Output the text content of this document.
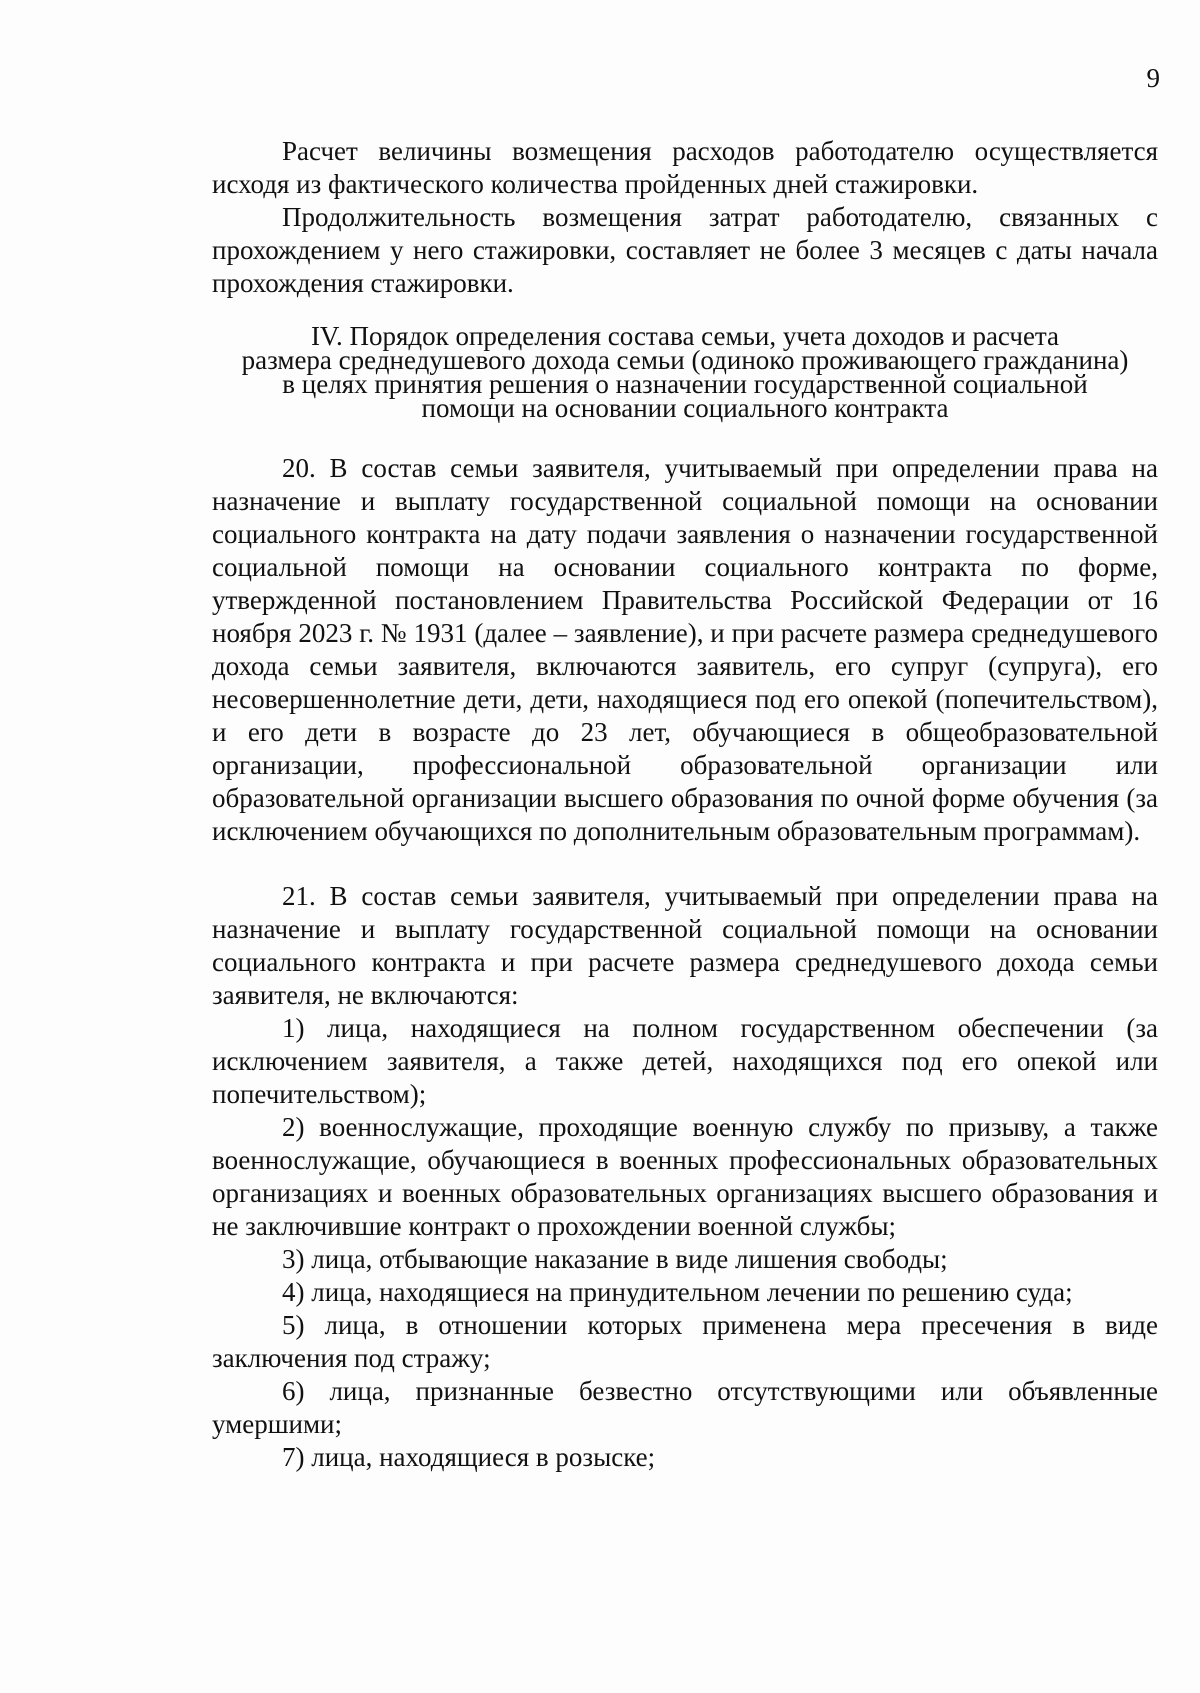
9

Расчет величины возмещения расходов работодателю осуществляется исходя из фактического количества пройденных дней стажировки.

Продолжительность возмещения затрат работодателю, связанных с прохождением у него стажировки, составляет не более 3 месяцев с даты начала прохождения стажировки.

IV. Порядок определения состава семьи, учета доходов и расчета
размера среднедушевого дохода семьи (одиноко проживающего гражданина)
в целях принятия решения о назначении государственной социальной
помощи на основании социального контракта

20. В состав семьи заявителя, учитываемый при определении права на назначение и выплату государственной социальной помощи на основании социального контракта на дату подачи заявления о назначении государственной социальной помощи на основании социального контракта по форме, утвержденной постановлением Правительства Российской Федерации от 16 ноября 2023 г. № 1931 (далее – заявление), и при расчете размера среднедушевого дохода семьи заявителя, включаются заявитель, его супруг (супруга), его несовершеннолетние дети, дети, находящиеся под его опекой (попечительством), и его дети в возрасте до 23 лет, обучающиеся в общеобразовательной организации, профессиональной образовательной организации или образовательной организации высшего образования по очной форме обучения (за исключением обучающихся по дополнительным образовательным программам).

21. В состав семьи заявителя, учитываемый при определении права на назначение и выплату государственной социальной помощи на основании социального контракта и при расчете размера среднедушевого дохода семьи заявителя, не включаются:

1) лица, находящиеся на полном государственном обеспечении (за исключением заявителя, а также детей, находящихся под его опекой или попечительством);

2) военнослужащие, проходящие военную службу по призыву, а также военнослужащие, обучающиеся в военных профессиональных образовательных организациях и военных образовательных организациях высшего образования и не заключившие контракт о прохождении военной службы;

3) лица, отбывающие наказание в виде лишения свободы;

4) лица, находящиеся на принудительном лечении по решению суда;

5) лица, в отношении которых применена мера пресечения в виде заключения под стражу;

6) лица, признанные безвестно отсутствующими или объявленные умершими;

7) лица, находящиеся в розыске;
